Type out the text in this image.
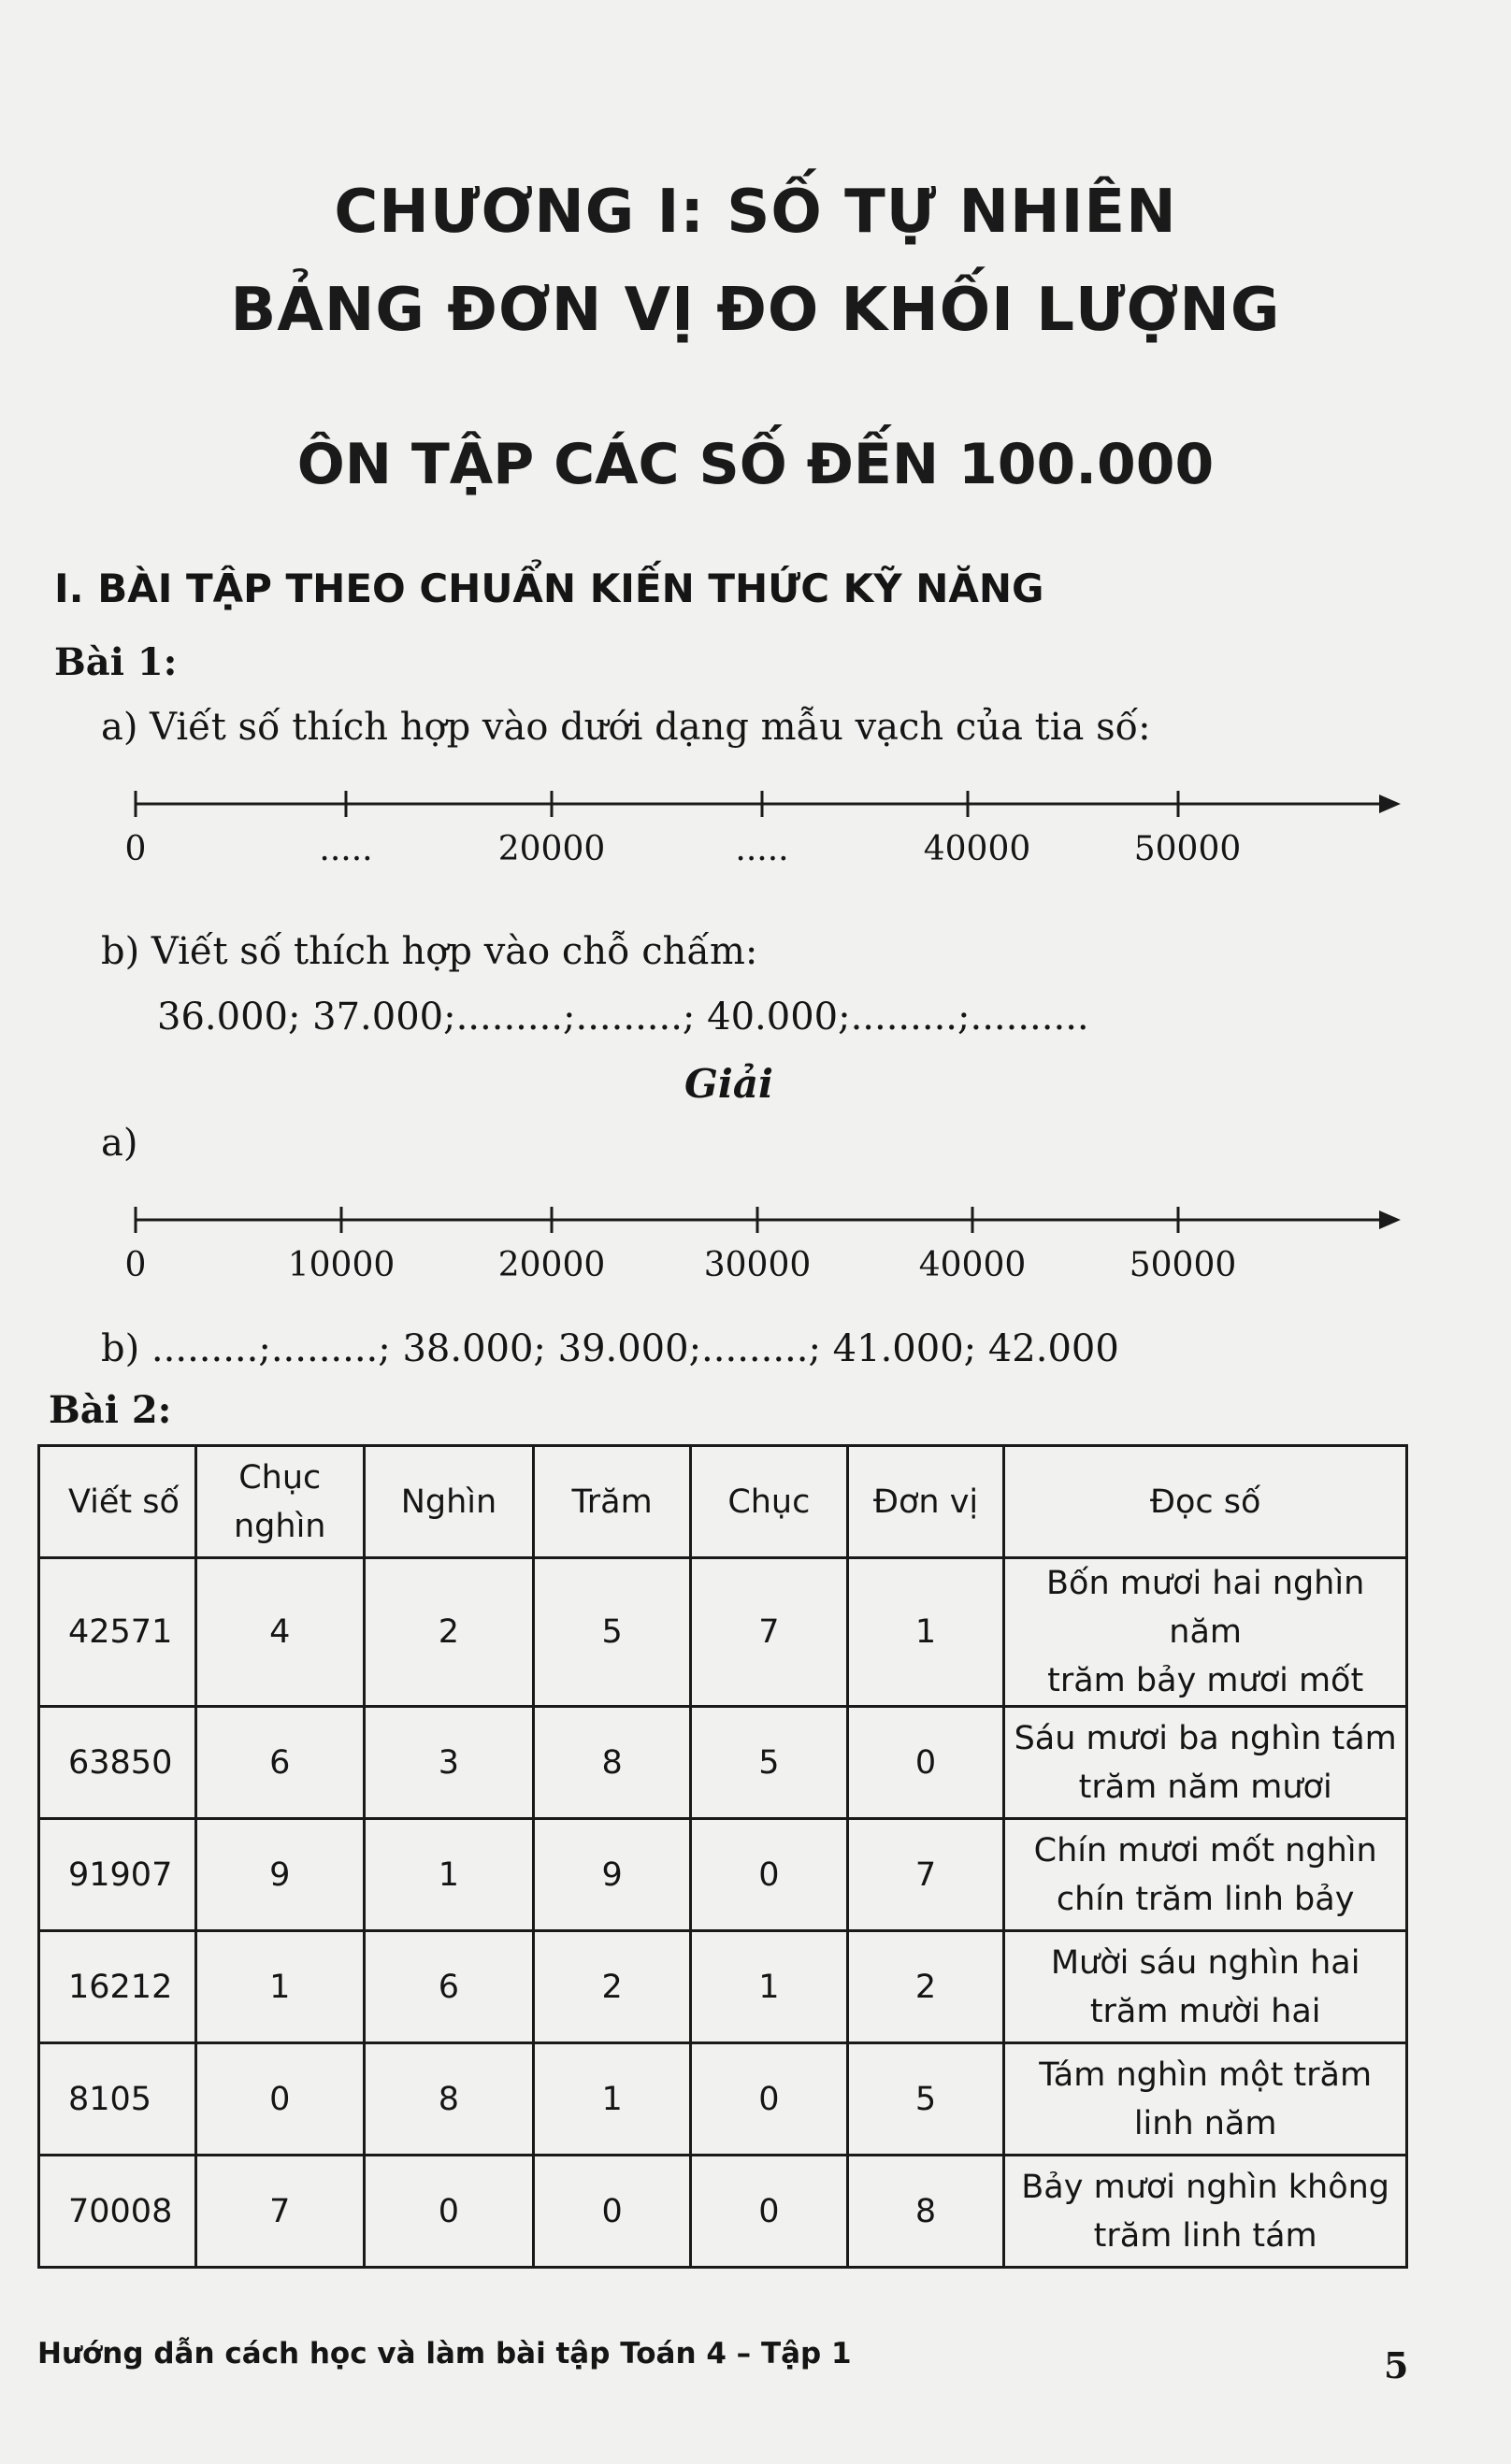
CHƯƠNG I: SỐ TỰ NHIÊN
BẢNG ĐƠN VỊ ĐO KHỐI LƯỢNG
ÔN TẬP CÁC SỐ ĐẾN 100.000
I. BÀI TẬP THEO CHUẨN KIẾN THỨC KỸ NĂNG
Bài 1:
a) Viết số thích hợp vào dưới dạng mẫu vạch của tia số:
0	.....	20000	.....	40000	50000
b) Viết số thích hợp vào chỗ chấm:
36.000; 37.000;.........;.........; 40.000;.........;..........
Giải
a)
0	10000	20000	30000	40000	50000
b) .........;.........; 38.000; 39.000;.........; 41.000; 42.000
Bài 2:
Viết số	Chục
nghìn	Nghìn	Trăm	Chục	Đơn vị	Đọc số
42571	4	2	5	7	1	Bốn mươi hai nghìn năm
trăm bảy mươi mốt
63850	6	3	8	5	0	Sáu mươi ba nghìn tám
trăm năm mươi
91907	9	1	9	0	7	Chín mươi mốt nghìn
chín trăm linh bảy
16212	1	6	2	1	2	Mười sáu nghìn hai
trăm mười hai
8105	0	8	1	0	5	Tám nghìn một trăm
linh năm
70008	7	0	0	0	8	Bảy mươi nghìn không
trăm linh tám
Hướng dẫn cách học và làm bài tập Toán 4 – Tập 1	5
